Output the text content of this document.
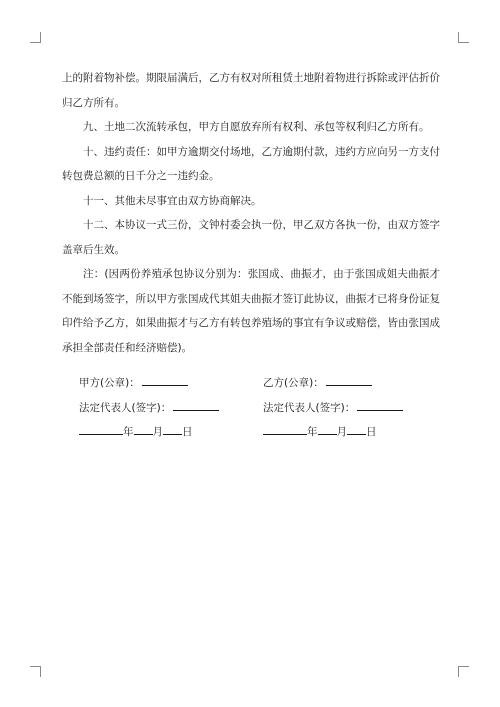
上的附着物补偿。期限届满后，乙方有权对所租赁土地附着物进行拆除或评估折价归乙方所有。

九、土地二次流转承包，甲方自愿放弃所有权利、承包等权利归乙方所有。

十、违约责任：如甲方逾期交付场地，乙方逾期付款，违约方应向另一方支付转包费总额的日千分之一违约金。

十一、其他未尽事宜由双方协商解决。

十二、本协议一式三份，文钟村委会执一份，甲乙双方各执一份，由双方签字盖章后生效。

注：(因两份养殖承包协议分别为：张国成、曲振才，由于张国成姐夫曲振才不能到场签字，所以甲方张国成代其姐夫曲振才签订此协议，曲振才已将身份证复印件给予乙方，如果曲振才与乙方有转包养殖场的事宜有争议或赔偿，皆由张国成承担全部责任和经济赔偿)。

甲方(公章)：	乙方(公章)：
法定代表人(签字)：	法定代表人(签字)：
年 月 日	年 月 日
